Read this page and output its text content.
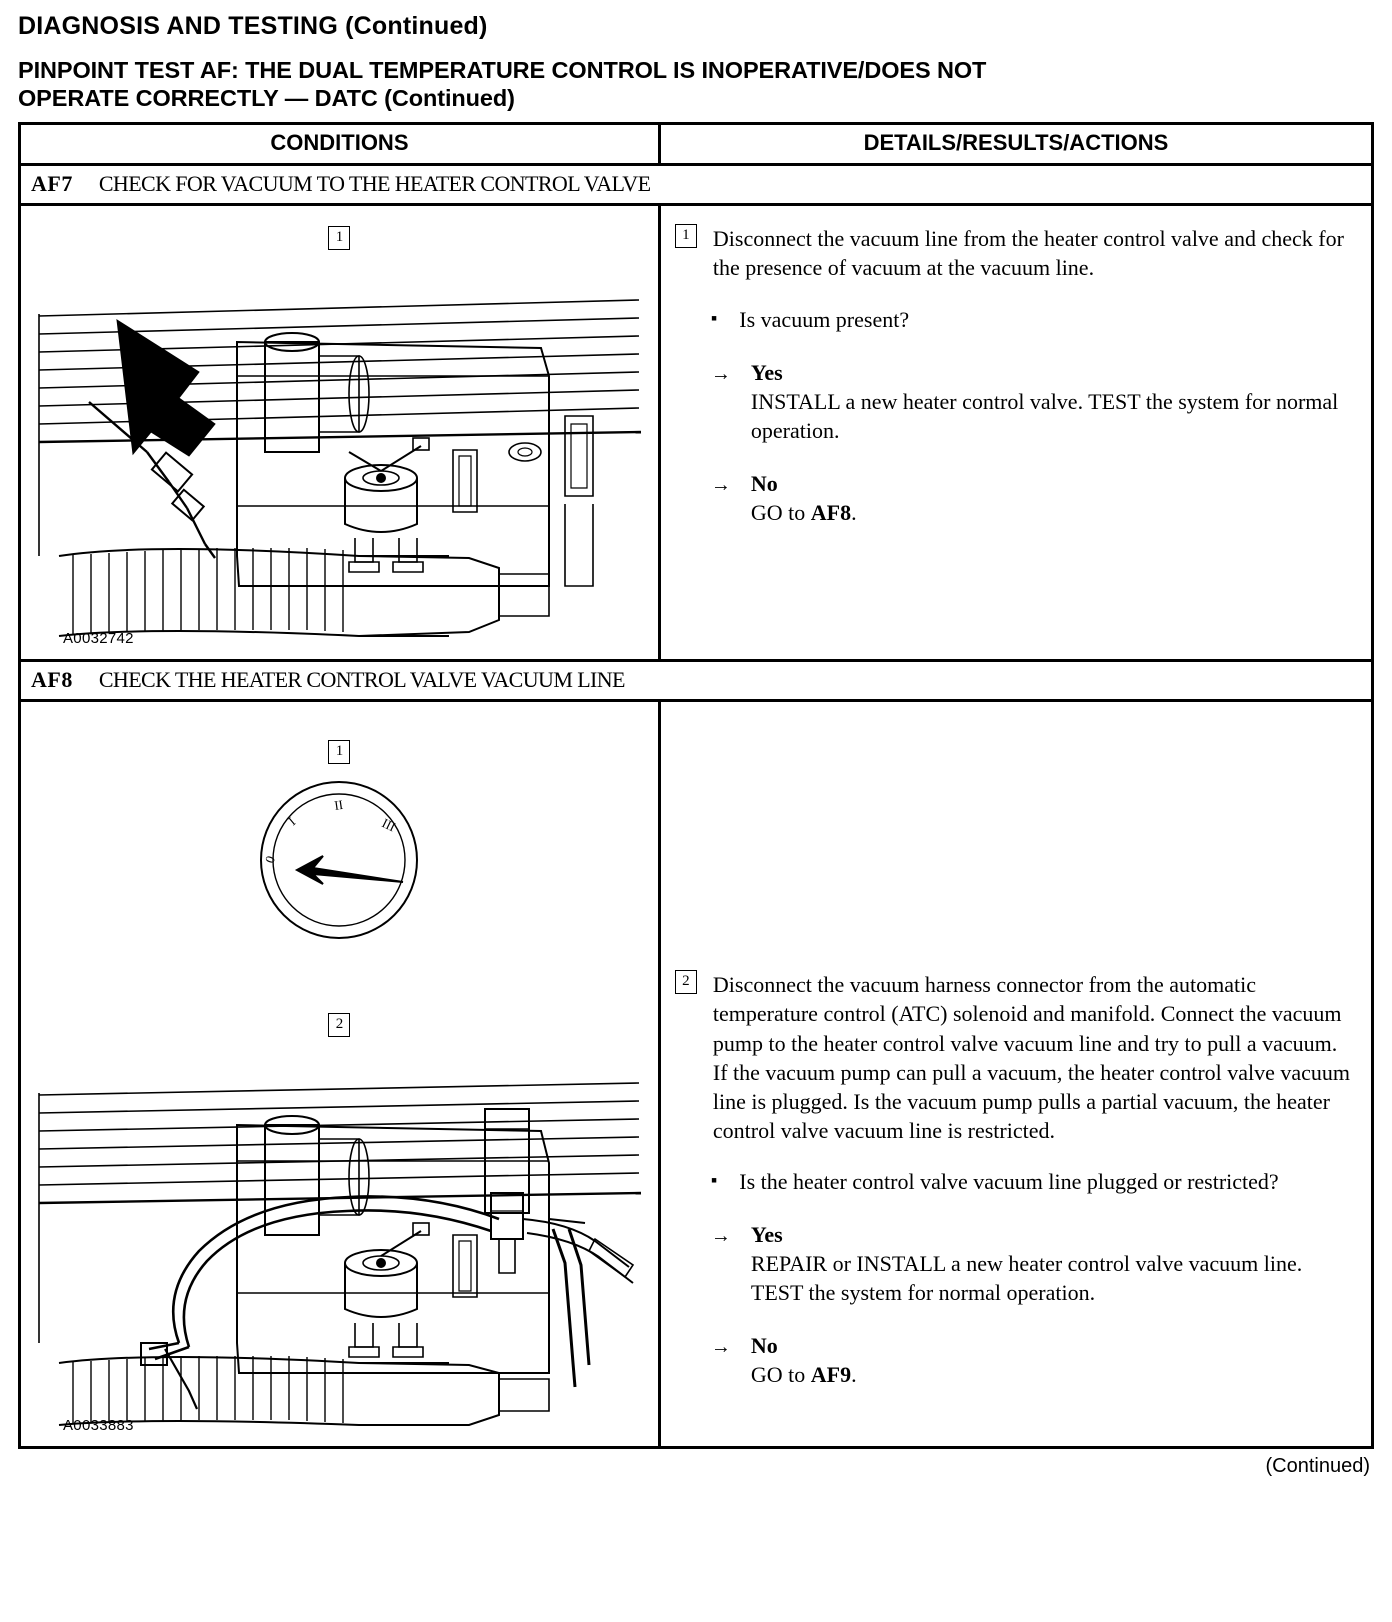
DIAGNOSIS AND TESTING (Continued)
PINPOINT TEST AF: THE DUAL TEMPERATURE CONTROL IS INOPERATIVE/DOES NOT
OPERATE CORRECTLY — DATC (Continued)
CONDITIONS	DETAILS/RESULTS/ACTIONS
AF7 CHECK FOR VACUUM TO THE HEATER CONTROL VALVE
1
A0032742
1	Disconnect the vacuum line from the heater control valve and check for the presence of vacuum at the vacuum line.
▪ Is vacuum present?
→ Yes
INSTALL a new heater control valve. TEST the system for normal operation.
→ No
GO to AF8.
AF8 CHECK THE HEATER CONTROL VALVE VACUUM LINE
1
0
I
II
III
2
A0033883
2	Disconnect the vacuum harness connector from the automatic temperature control (ATC) solenoid and manifold. Connect the vacuum pump to the heater control valve vacuum line and try to pull a vacuum. If the vacuum pump can pull a vacuum, the heater control valve vacuum line is plugged. Is the vacuum pump pulls a partial vacuum, the heater control valve vacuum line is restricted.
▪ Is the heater control valve vacuum line plugged or restricted?
→ Yes
REPAIR or INSTALL a new heater control valve vacuum line. TEST the system for normal operation.
→ No
GO to AF9.
(Continued)
